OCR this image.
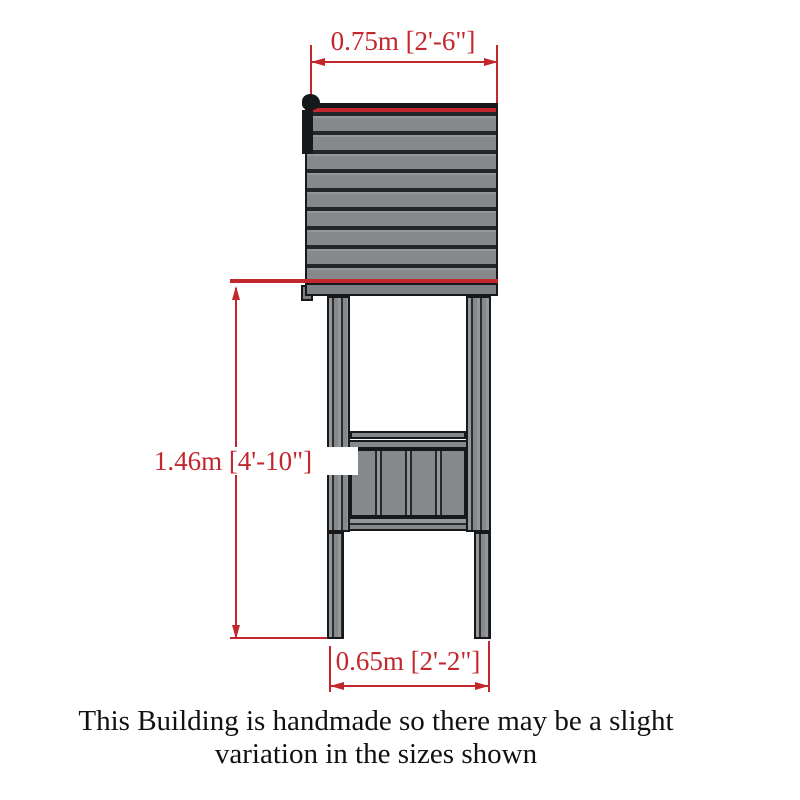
0.75m [2'-6"]
1.46m [4'-10"]
0.65m [2'-2"]
This Building is handmade so there may be a slight
variation in the sizes shown
